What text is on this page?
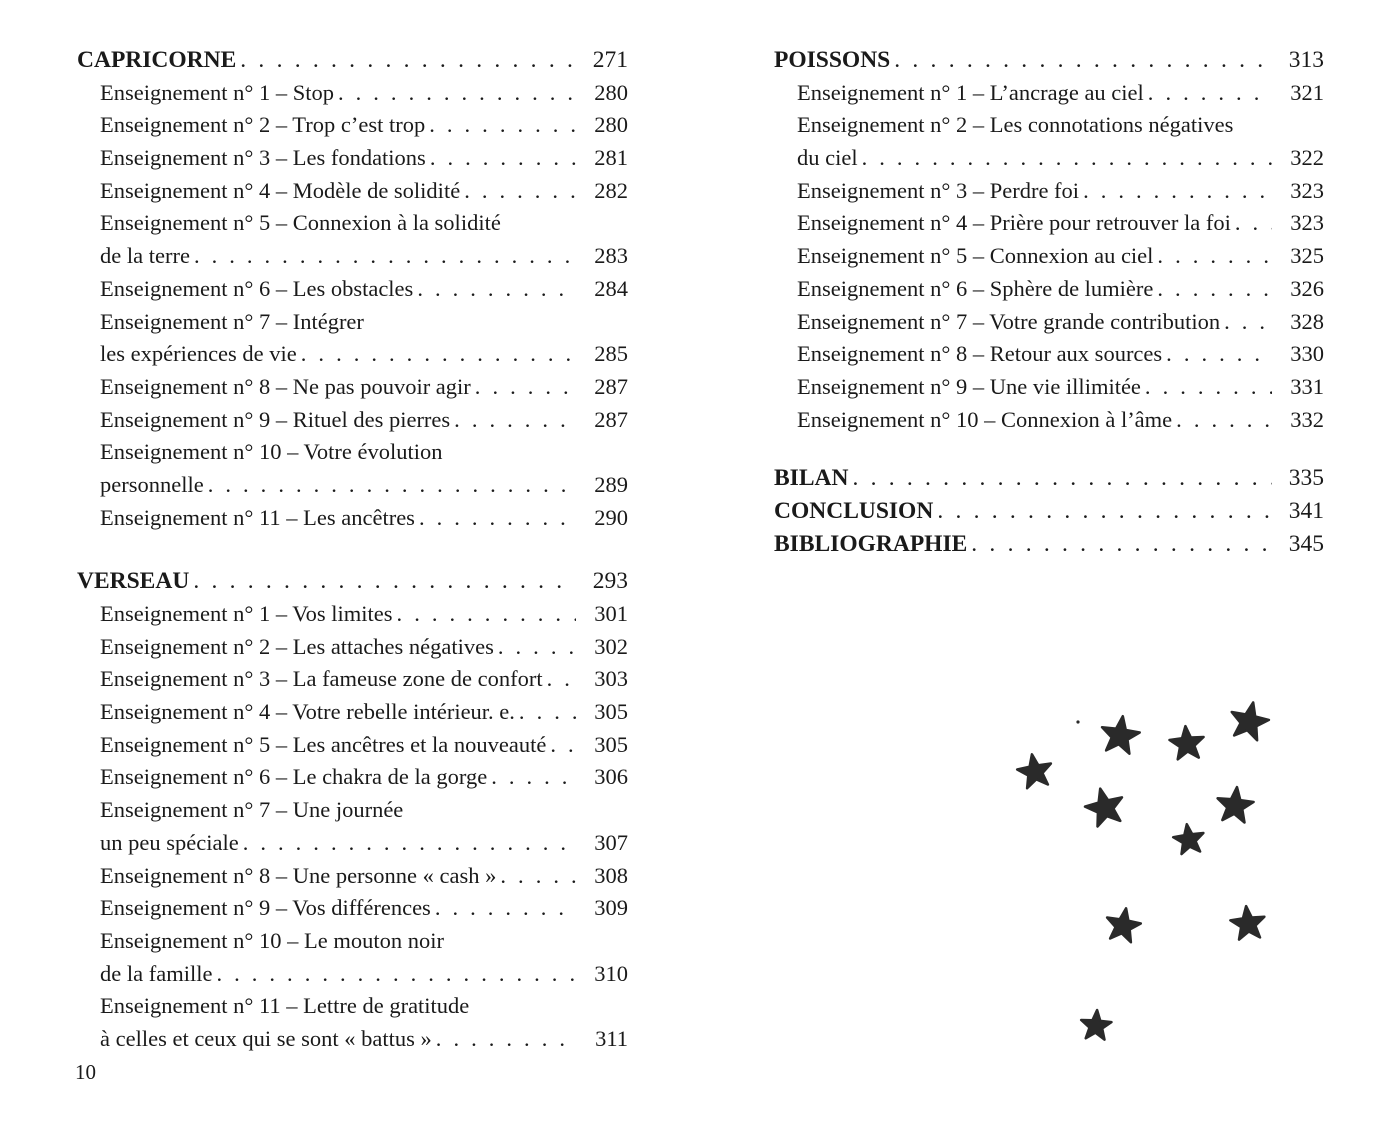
CAPRICORNE . . .	271
Enseignement n° 1 – Stop . . .	280
Enseignement n° 2 – Trop c’est trop . . .	280
Enseignement n° 3 – Les fondations . . .	281
Enseignement n° 4 – Modèle de solidité . . .	282
Enseignement n° 5 – Connexion à la solidité
de la terre . . .	283
Enseignement n° 6 – Les obstacles . . .	284
Enseignement n° 7 – Intégrer
les expériences de vie . . .	285
Enseignement n° 8 – Ne pas pouvoir agir . . .	287
Enseignement n° 9 – Rituel des pierres . . .	287
Enseignement n° 10 – Votre évolution
personnelle . . .	289
Enseignement n° 11 – Les ancêtres . . .	290
VERSEAU . . .	293
Enseignement n° 1 – Vos limites . . .	301
Enseignement n° 2 – Les attaches négatives . . .	302
Enseignement n° 3 – La fameuse zone de confort . . .	303
Enseignement n° 4 – Votre rebelle intérieur. e. . . .	305
Enseignement n° 5 – Les ancêtres et la nouveauté . . .	305
Enseignement n° 6 – Le chakra de la gorge . . .	306
Enseignement n° 7 – Une journée
un peu spéciale . . .	307
Enseignement n° 8 – Une personne « cash » . . .	308
Enseignement n° 9 – Vos différences . . .	309
Enseignement n° 10 – Le mouton noir
de la famille . . .	310
Enseignement n° 11 – Lettre de gratitude
à celles et ceux qui se sont « battus » . . .	311
POISSONS . . .	313
Enseignement n° 1 – L’ancrage au ciel . . .	321
Enseignement n° 2 – Les connotations négatives
du ciel . . .	322
Enseignement n° 3 – Perdre foi . . .	323
Enseignement n° 4 – Prière pour retrouver la foi . . .	323
Enseignement n° 5 – Connexion au ciel . . .	325
Enseignement n° 6 – Sphère de lumière . . .	326
Enseignement n° 7 – Votre grande contribution . . .	328
Enseignement n° 8 – Retour aux sources . . .	330
Enseignement n° 9 – Une vie illimitée . . .	331
Enseignement n° 10 – Connexion à l’âme . . .	332
BILAN . . .	335
CONCLUSION . . .	341
BIBLIOGRAPHIE . . .	345
10
